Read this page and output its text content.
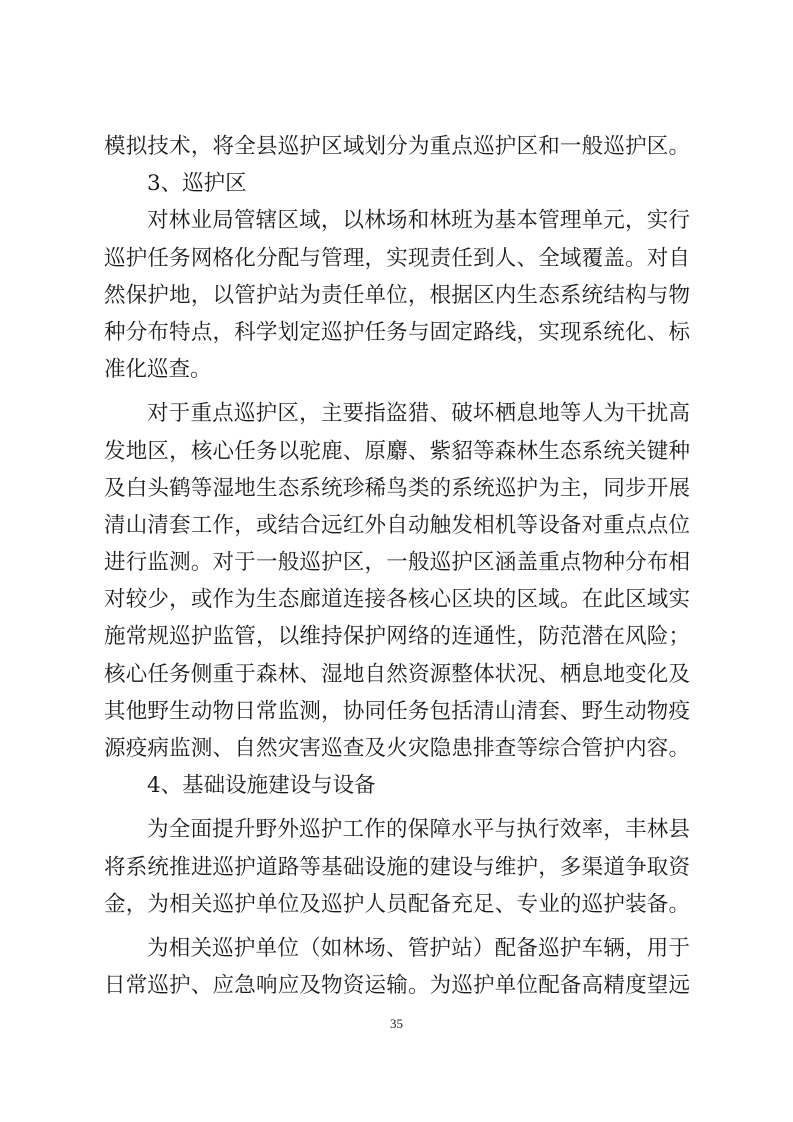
模拟技术，将全县巡护区域划分为重点巡护区和一般巡护区。
3、巡护区
对林业局管辖区域，以林场和林班为基本管理单元，实行
巡护任务网格化分配与管理，实现责任到人、全域覆盖。对自
然保护地，以管护站为责任单位，根据区内生态系统结构与物
种分布特点，科学划定巡护任务与固定路线，实现系统化、标
准化巡查。
对于重点巡护区，主要指盗猎、破坏栖息地等人为干扰高
发地区，核心任务以驼鹿、原麝、紫貂等森林生态系统关键种
及白头鹤等湿地生态系统珍稀鸟类的系统巡护为主，同步开展
清山清套工作，或结合远红外自动触发相机等设备对重点点位
进行监测。对于一般巡护区，一般巡护区涵盖重点物种分布相
对较少，或作为生态廊道连接各核心区块的区域。在此区域实
施常规巡护监管，以维持保护网络的连通性，防范潜在风险；
核心任务侧重于森林、湿地自然资源整体状况、栖息地变化及
其他野生动物日常监测，协同任务包括清山清套、野生动物疫
源疫病监测、自然灾害巡查及火灾隐患排查等综合管护内容。
4、基础设施建设与设备
为全面提升野外巡护工作的保障水平与执行效率，丰林县
将系统推进巡护道路等基础设施的建设与维护，多渠道争取资
金，为相关巡护单位及巡护人员配备充足、专业的巡护装备。
为相关巡护单位（如林场、管护站）配备巡护车辆，用于
日常巡护、应急响应及物资运输。为巡护单位配备高精度望远
35
